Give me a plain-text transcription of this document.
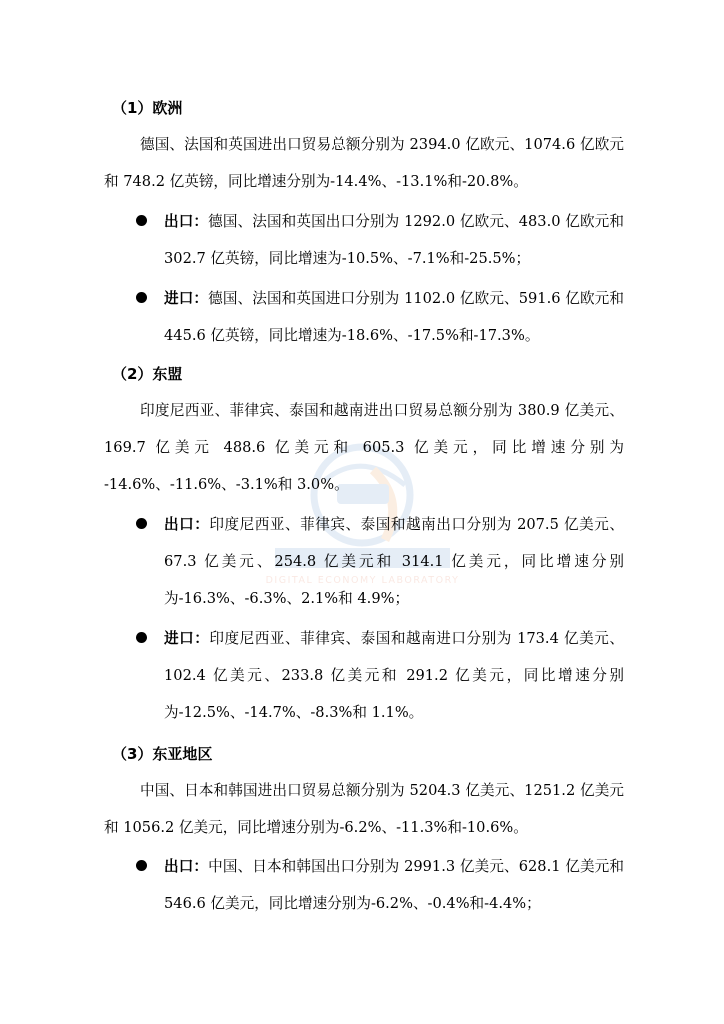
DIGITAL ECONOMY LABORATORY
（1）欧洲

德国、法国和英国进出口贸易总额分别为 2394.0 亿欧元、1074.6 亿欧元和 748.2 亿英镑，同比增速分别为-14.4%、-13.1%和-20.8%。

出口：德国、法国和英国出口分别为 1292.0 亿欧元、483.0 亿欧元和 302.7 亿英镑，同比增速为-10.5%、-7.1%和-25.5%；

进口：德国、法国和英国进口分别为 1102.0 亿欧元、591.6 亿欧元和 445.6 亿英镑，同比增速为-18.6%、-17.5%和-17.3%。

（2）东盟

印度尼西亚、菲律宾、泰国和越南进出口贸易总额分别为 380.9 亿美元、169.7 亿美元 488.6 亿美元和 605.3 亿美元，同比增速分别为 -14.6%、-11.6%、-3.1%和 3.0%。

出口：印度尼西亚、菲律宾、泰国和越南出口分别为 207.5 亿美元、67.3 亿美元、254.8 亿美元和 314.1 亿美元，同比增速分别为-16.3%、-6.3%、2.1%和 4.9%；

进口：印度尼西亚、菲律宾、泰国和越南进口分别为 173.4 亿美元、102.4 亿美元、233.8 亿美元和 291.2 亿美元，同比增速分别为-12.5%、-14.7%、-8.3%和 1.1%。

（3）东亚地区

中国、日本和韩国进出口贸易总额分别为 5204.3 亿美元、1251.2 亿美元和 1056.2 亿美元，同比增速分别为-6.2%、-11.3%和-10.6%。

出口：中国、日本和韩国出口分别为 2991.3 亿美元、628.1 亿美元和 546.6 亿美元，同比增速分别为-6.2%、-0.4%和-4.4%；
